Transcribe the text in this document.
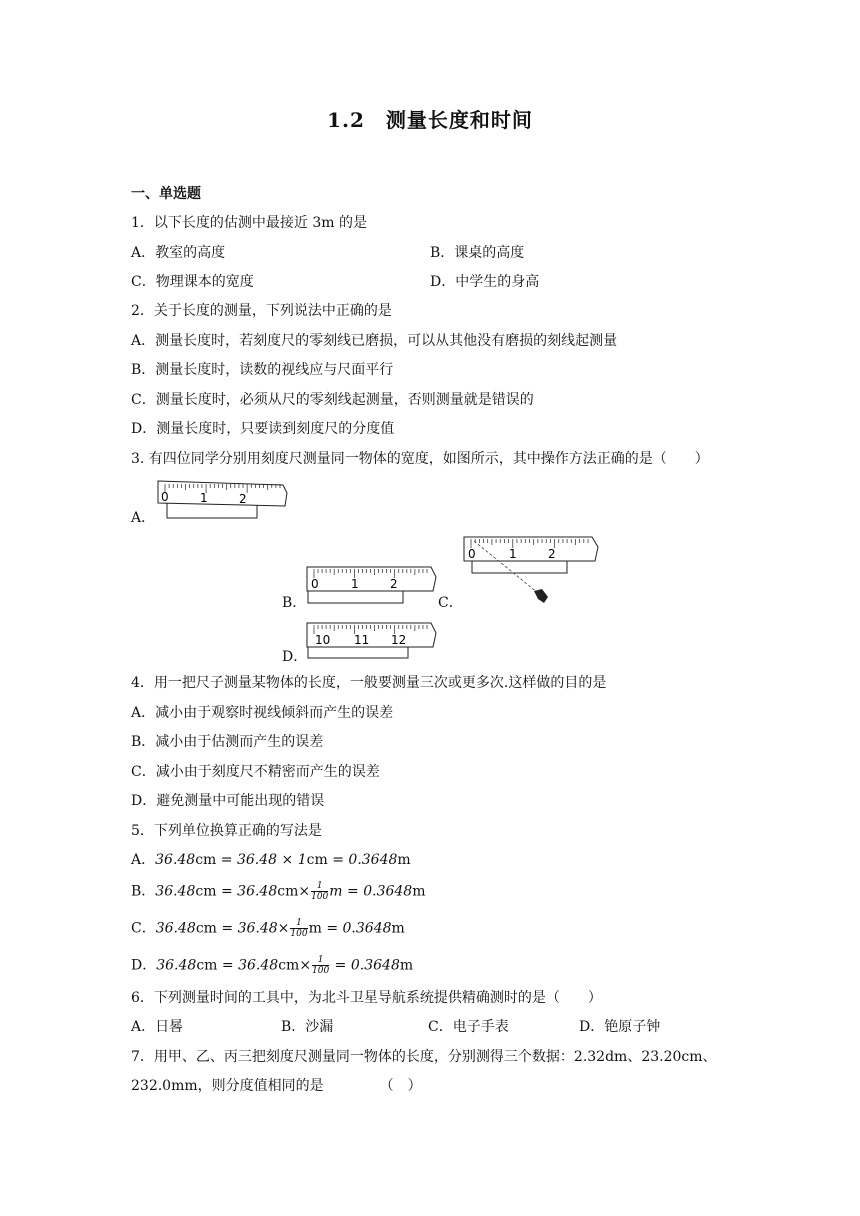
1.2　测量长度和时间
一、单选题
1．以下长度的估测中最接近 3m 的是
A．教室的高度	B．课桌的高度
C．物理课本的宽度	D．中学生的身高
2．关于长度的测量，下列说法中正确的是
A．测量长度时，若刻度尺的零刻线已磨损，可以从其他没有磨损的刻线起测量
B．测量长度时，读数的视线应与尺面平行
C．测量长度时，必须从尺的零刻线起测量，否则测量就是错误的
D．测量长度时，只要读到刻度尺的分度值
3. 有四位同学分别用刻度尺测量同一物体的宽度，如图所示，其中操作方法正确的是（　　）
A．
0	1	2
B．
0	1	2
C．
0	1	2
D．
10 11 12
4．用一把尺子测量某物体的长度，一般要测量三次或更多次.这样做的目的是
A．减小由于观察时视线倾斜而产生的误差
B．减小由于估测而产生的误差
C．减小由于刻度尺不精密而产生的误差
D．避免测量中可能出现的错误
5．下列单位换算正确的写法是
A．36.48cm = 36.48 × 1cm = 0.3648m
B．$36.48cm = 36.48cm\times \frac{1}{100}$ m = 0.3648m
C．$36.48cm = 36.48\times \frac{1}{100}$ m = 0.3648m
D．$36.48cm = 36.48cm\times \frac{1}{100} = 0.3648m$
6．下列测量时间的工具中，为北斗卫星导航系统提供精确测时的是（　　）
A．日晷	B．沙漏	C．电子手表	D．铯原子钟
7．用甲、乙、丙三把刻度尺测量同一物体的长度，分别测得三个数据：2.32dm、23.20cm、
232.0mm，则分度值相同的是	（　）
